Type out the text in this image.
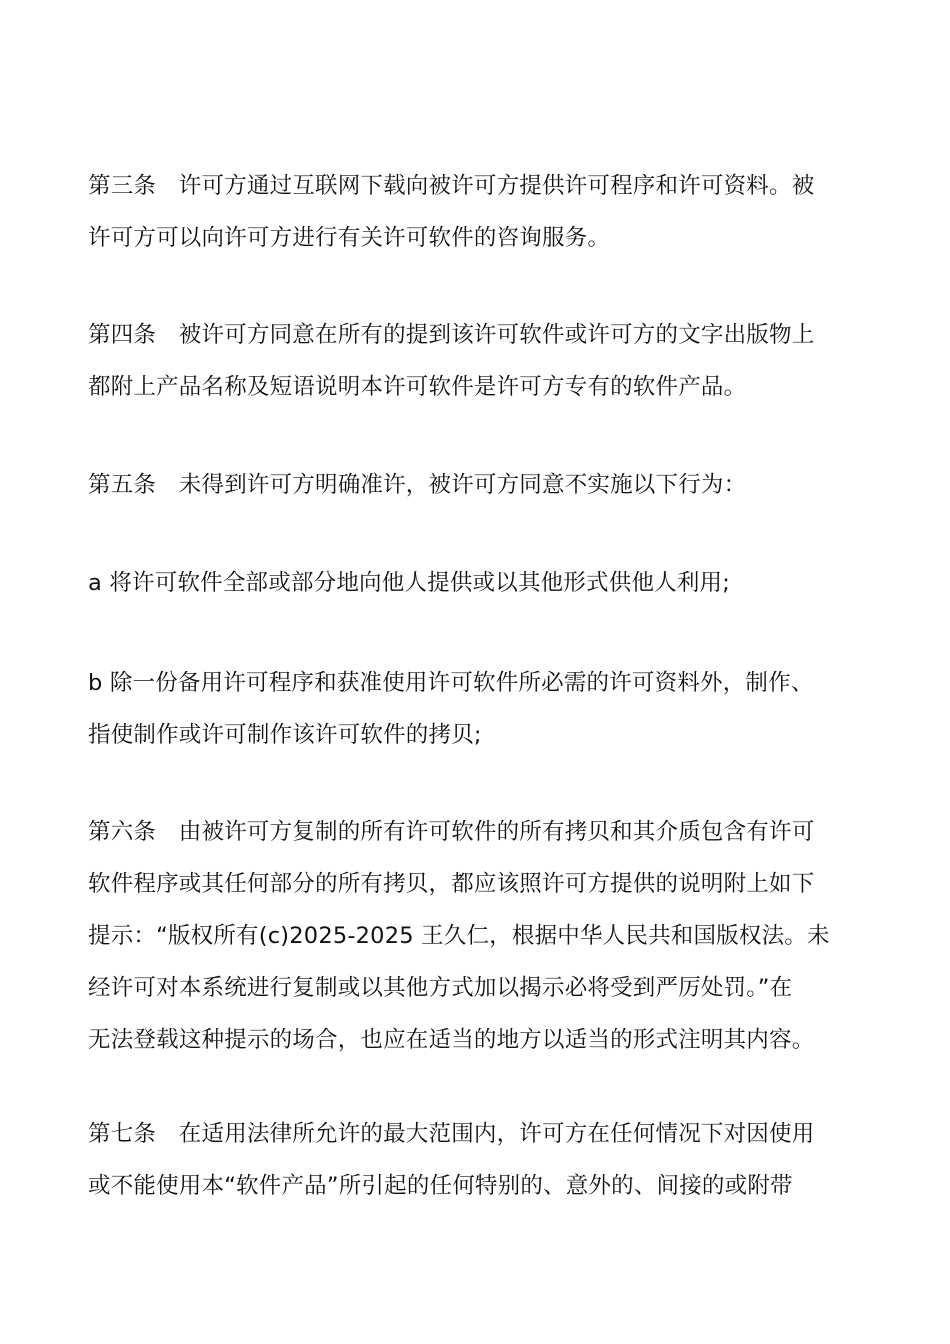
第三条　许可方通过互联网下载向被许可方提供许可程序和许可资料。被
许可方可以向许可方进行有关许可软件的咨询服务。

第四条　被许可方同意在所有的提到该许可软件或许可方的文字出版物上
都附上产品名称及短语说明本许可软件是许可方专有的软件产品。

第五条　未得到许可方明确准许，被许可方同意不实施以下行为：

a 将许可软件全部或部分地向他人提供或以其他形式供他人利用;

b 除一份备用许可程序和获准使用许可软件所必需的许可资料外，制作、
指使制作或许可制作该许可软件的拷贝;

第六条　由被许可方复制的所有许可软件的所有拷贝和其介质包含有许可
软件程序或其任何部分的所有拷贝，都应该照许可方提供的说明附上如下
提示：“版权所有(c)2025-2025 王久仁，根据中华人民共和国版权法。未
经许可对本系统进行复制或以其他方式加以揭示必将受到严厉处罚。”在
无法登载这种提示的场合，也应在适当的地方以适当的形式注明其内容。

第七条　在适用法律所允许的最大范围内，许可方在任何情况下对因使用
或不能使用本“软件产品”所引起的任何特别的、意外的、间接的或附带
